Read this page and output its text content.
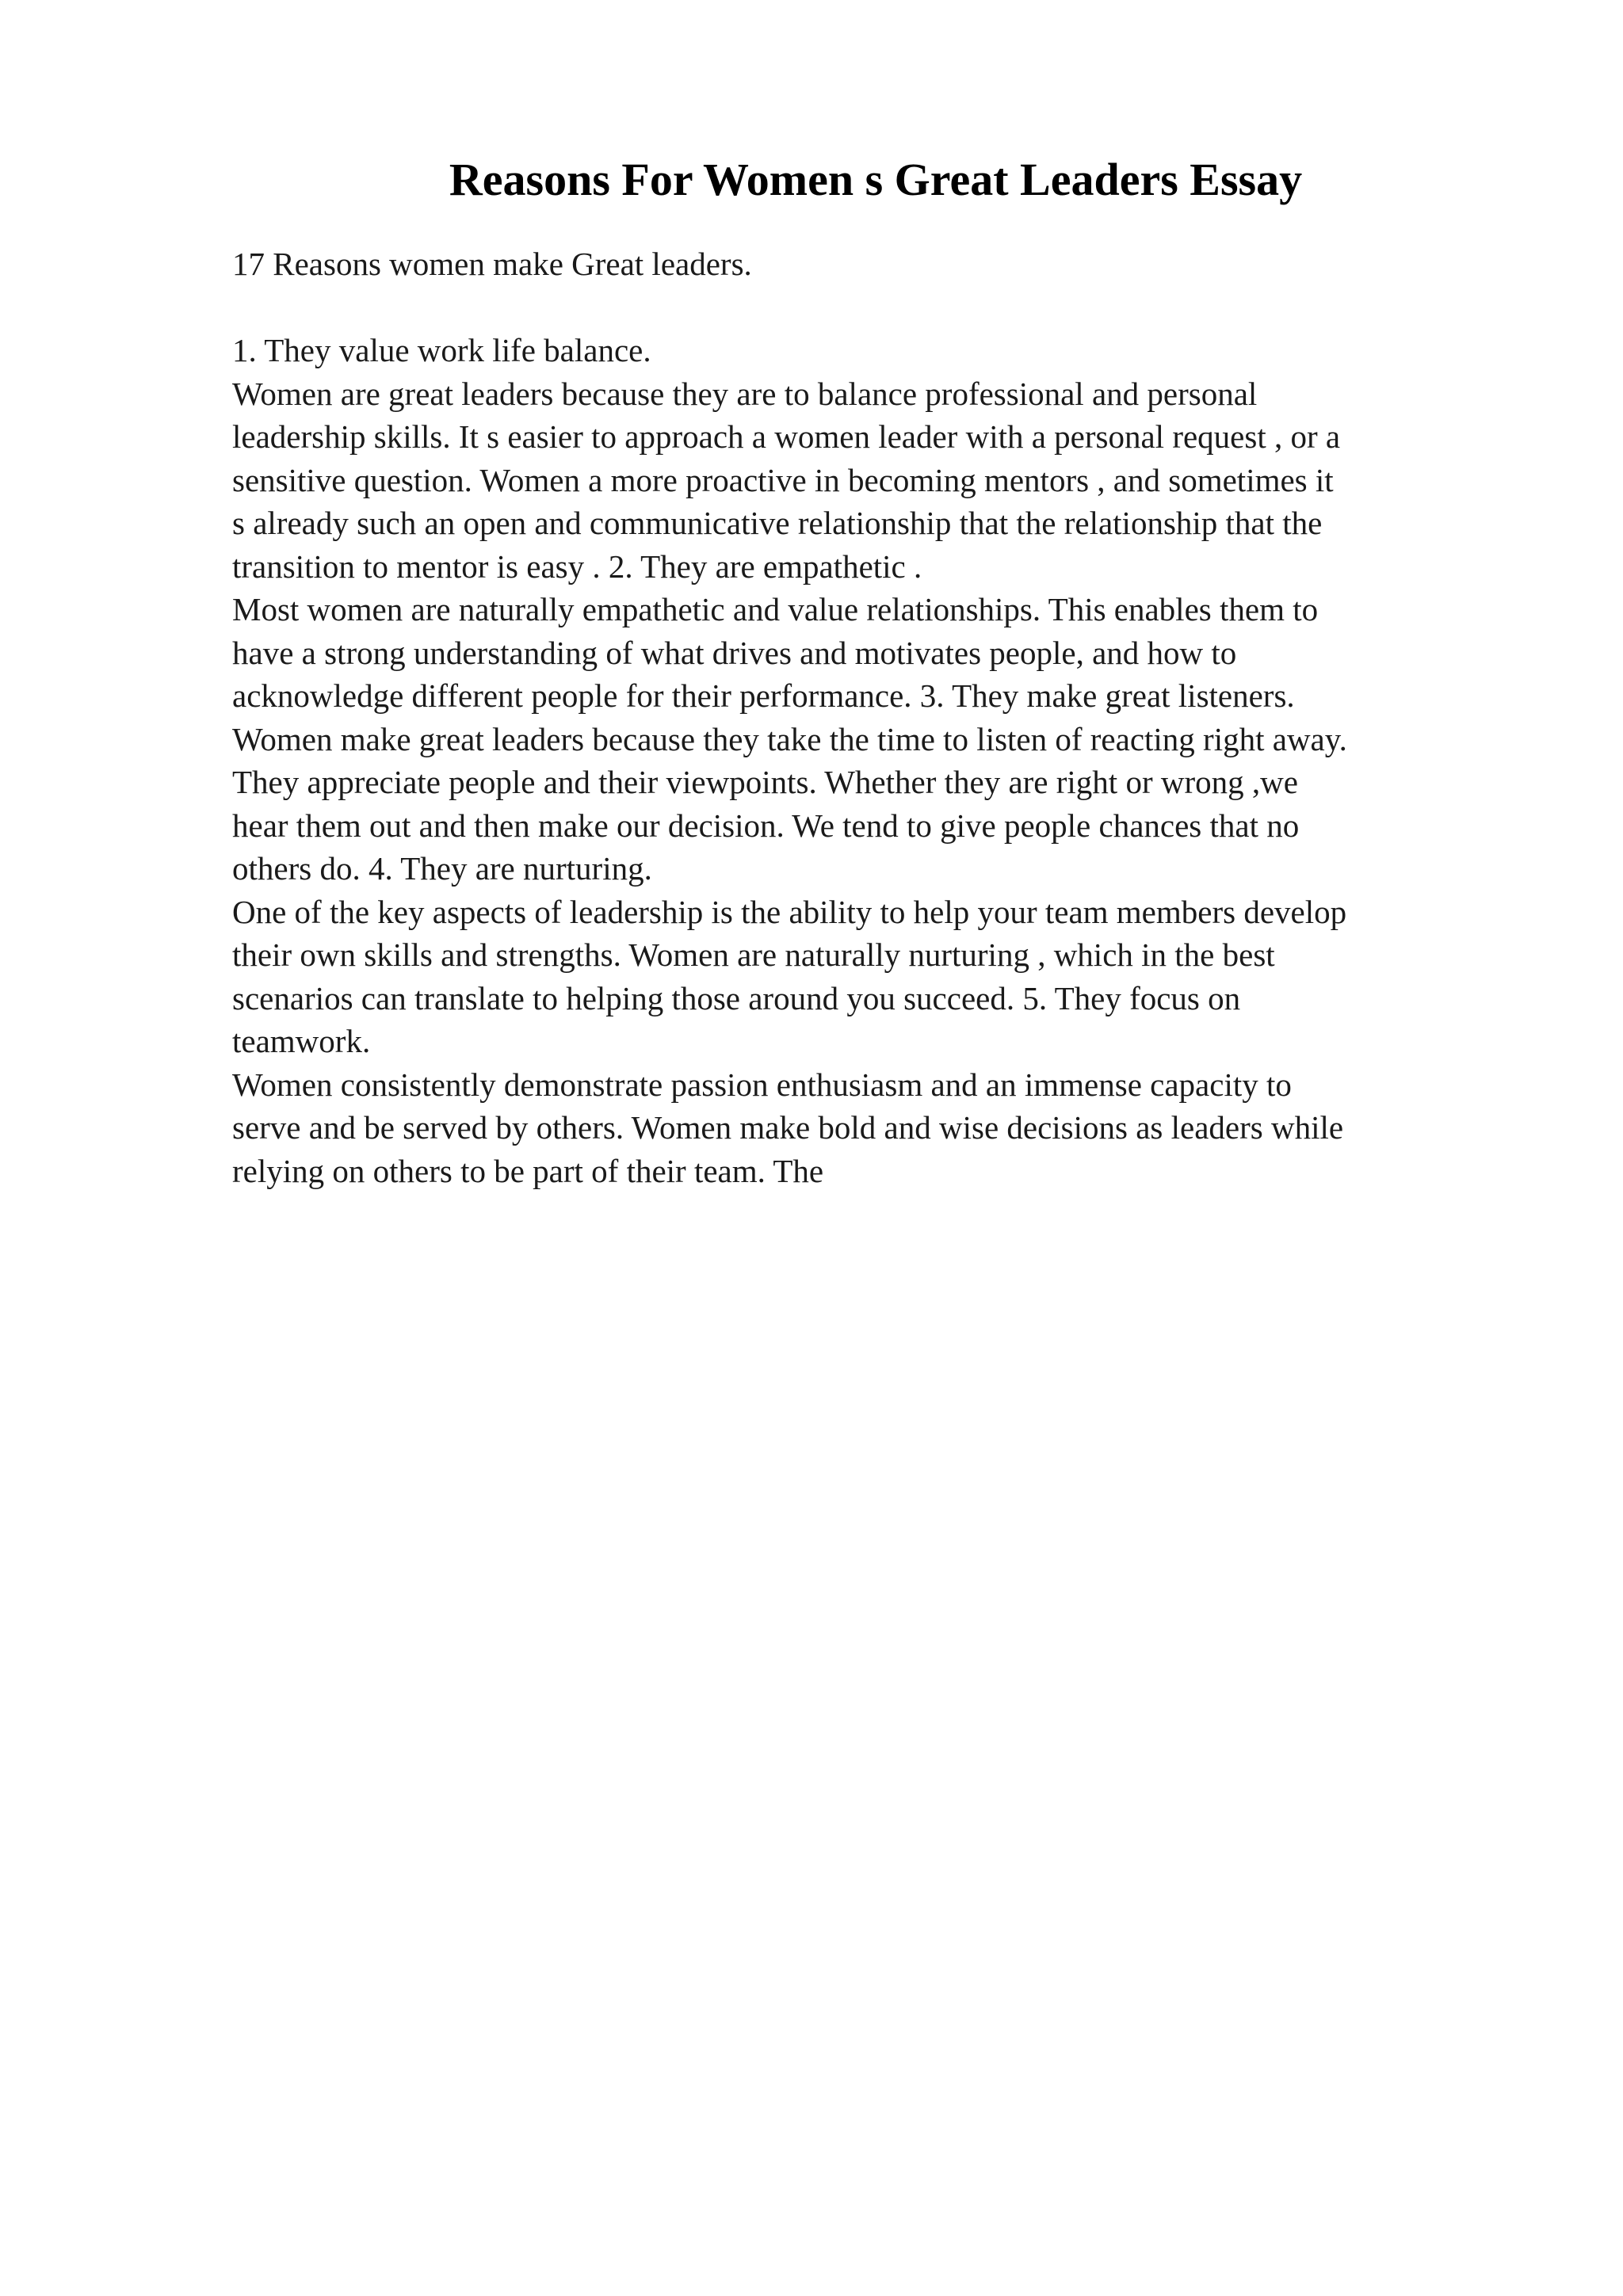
Reasons For Women s Great Leaders Essay
17 Reasons women make Great leaders.
1. They value work life balance.
Women are great leaders because they are to balance professional and personal
leadership skills. It s easier to approach a women leader with a personal request , or a
sensitive question. Women a more proactive in becoming mentors , and sometimes it
s already such an open and communicative relationship that the relationship that the
transition to mentor is easy . 2. They are empathetic .
Most women are naturally empathetic and value relationships. This enables them to
have a strong understanding of what drives and motivates people, and how to
acknowledge different people for their performance. 3. They make great listeners.
Women make great leaders because they take the time to listen of reacting right away.
They appreciate people and their viewpoints. Whether they are right or wrong ,we
hear them out and then make our decision. We tend to give people chances that no
others do. 4. They are nurturing.
One of the key aspects of leadership is the ability to help your team members develop
their own skills and strengths. Women are naturally nurturing , which in the best
scenarios can translate to helping those around you succeed. 5. They focus on
teamwork.
Women consistently demonstrate passion enthusiasm and an immense capacity to
serve and be served by others. Women make bold and wise decisions as leaders while
relying on others to be part of their team. The
